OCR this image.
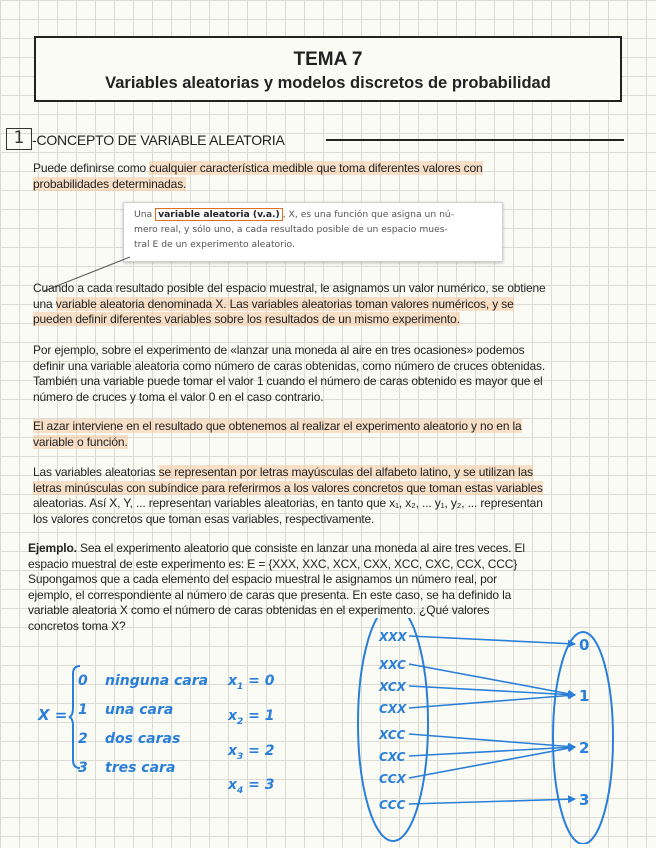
TEMA 7
Variables aleatorias y modelos discretos de probabilidad
1 -CONCEPTO DE VARIABLE ALEATORIA
Puede definirse como cualquier característica medible que toma diferentes valores con
probabilidades determinadas.
Una variable aleatoria (v.a.) , X, es una función que asigna un nú-
mero real, y sólo uno, a cada resultado posible de un espacio mues-
tral E de un experimento aleatorio.
Cuando a cada resultado posible del espacio muestral, le asignamos un valor numérico, se obtiene
una variable aleatoria denominada X. Las variables aleatorias toman valores numéricos, y se
pueden definir diferentes variables sobre los resultados de un mismo experimento.
Por ejemplo, sobre el experimento de «lanzar una moneda al aire en tres ocasiones» podemos
definir una variable aleatoria como número de caras obtenidas, como número de cruces obtenidas.
También una variable puede tomar el valor 1 cuando el número de caras obtenido es mayor que el
número de cruces y toma el valor 0 en el caso contrario.
El azar interviene en el resultado que obtenemos al realizar el experimento aleatorio y no en la
variable o función.
Las variables aleatorias se representan por letras mayúsculas del alfabeto latino, y se utilizan las
letras minúsculas con subíndice para referirmos a los valores concretos que toman estas variables
aleatorias. Así X, Y, ... representan variables aleatorias, en tanto que x₁, x₂, ... y₁, y₂, ... representan
los valores concretos que toman esas variables, respectivamente.
Ejemplo. Sea el experimento aleatorio que consiste en lanzar una moneda al aire tres veces. El
espacio muestral de este experimento es: E = {XXX, XXC, XCX, CXX, XCC, CXC, CCX, CCC}
Supongamos que a cada elemento del espacio muestral le asignamos un número real, por
ejemplo, el correspondiente al número de caras que presenta. En este caso, se ha definido la
variable aleatoria X como el número de caras obtenidas en el experimento. ¿Qué valores
concretos toma X?
X =
0
1
2
3
ninguna cara
una cara
dos caras
tres cara
$x_1 = 0$
$x_2 = 1$
$x_3 = 2$
$x_4 = 3$
XXX
XXC
XCX
CXX
XCC
CXC
CCX
CCC
0
1
2
3
